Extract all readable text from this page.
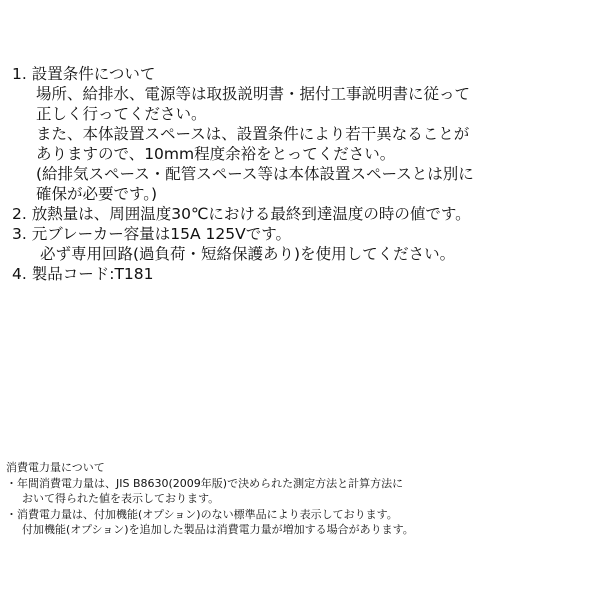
1. 設置条件について
場所、給排水、電源等は取扱説明書・据付工事説明書に従って
正しく行ってください。
また、本体設置スペースは、設置条件により若干異なることが
ありますので、10mm程度余裕をとってください。
(給排気スペース・配管スペース等は本体設置スペースとは別に
確保が必要です。)
2. 放熱量は、周囲温度30℃における最終到達温度の時の値です。
3. 元ブレーカー容量は15A 125Vです。
必ず専用回路(過負荷・短絡保護あり)を使用してください。
4. 製品コード:T181
消費電力量について
・年間消費電力量は、JIS B8630(2009年版)で決められた測定方法と計算方法に
おいて得られた値を表示しております。
・消費電力量は、付加機能(オプション)のない標準品により表示しております。
付加機能(オプション)を追加した製品は消費電力量が増加する場合があります。
